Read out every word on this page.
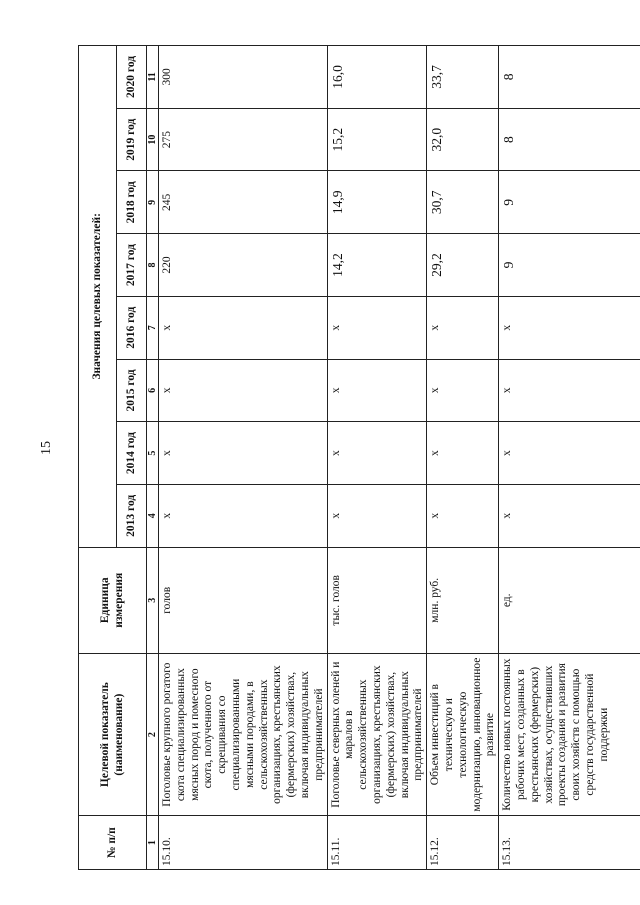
15
№ п/п	Целевой показатель (наименование)	Единица измерения	Значения целевых показателей:							
			2013 год	2014 год	2015 год	2016 год	2017 год	2018 год	2019 год	2020 год
1	2	3	4	5	6	7	8	9	10	11
15.10.	Поголовье крупного рогатого скота специализированных мясных пород и помесного скота, полученного от скрещивания со специализированными мясными породами, в сельскохозяйственных организациях, крестьянских (фермерских) хозяйствах, включая индивидуальных предпринимателей	голов	х	х	х	х	220	245	275	300
15.11.	Поголовье северных оленей и маралов в сельскохозяйственных организациях, крестьянских (фермерских) хозяйствах, включая индивидуальных предпринимателей	тыс. голов	х	х	х	х	14,2	14,9	15,2	16,0
15.12.	Объем инвестиций в техническую и технологическую модернизацию, инновационное развитие	млн. руб.	х	х	х	х	29,2	30,7	32,0	33,7
15.13.	Количество новых постоянных рабочих мест, созданных в крестьянских (фермерских) хозяйствах, осуществивших проекты создания и развития своих хозяйств с помощью средств государственной поддержки	ед.	х	х	х	х	9	9	8	8
